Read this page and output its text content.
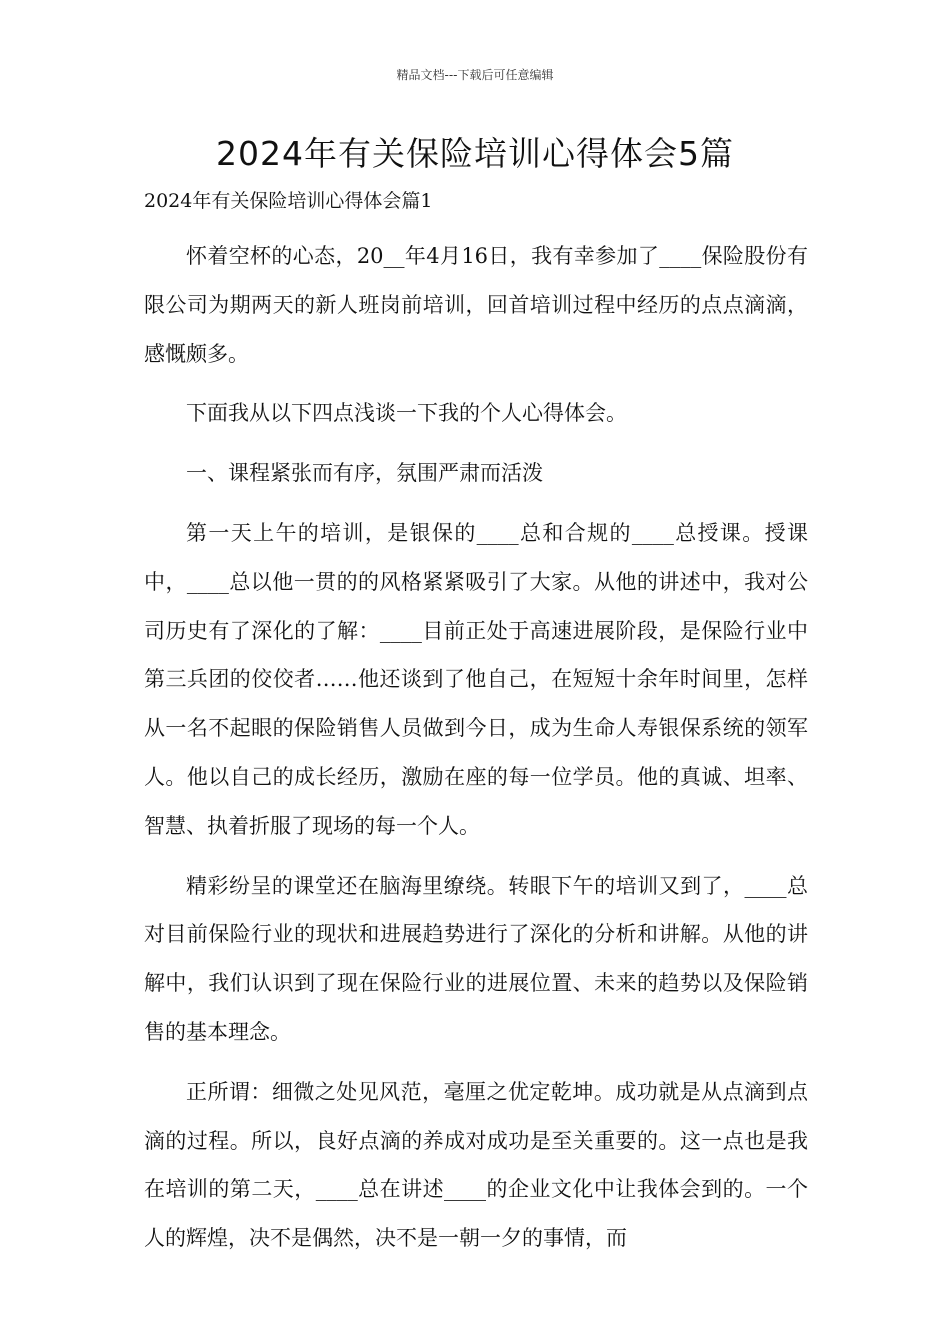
精品文档---下载后可任意编辑
2024年有关保险培训心得体会5篇
2024年有关保险培训心得体会篇1

怀着空杯的心态，20__年4月16日，我有幸参加了____保险股份有限公司为期两天的新人班岗前培训，回首培训过程中经历的点点滴滴，感慨颇多。

下面我从以下四点浅谈一下我的个人心得体会。

一、课程紧张而有序，氛围严肃而活泼

第一天上午的培训，是银保的____总和合规的____总授课。授课中，____总以他一贯的的风格紧紧吸引了大家。从他的讲述中，我对公司历史有了深化的了解：____目前正处于高速进展阶段，是保险行业中第三兵团的佼佼者……他还谈到了他自己，在短短十余年时间里，怎样从一名不起眼的保险销售人员做到今日，成为生命人寿银保系统的领军人。他以自己的成长经历，激励在座的每一位学员。他的真诚、坦率、智慧、执着折服了现场的每一个人。

精彩纷呈的课堂还在脑海里缭绕。转眼下午的培训又到了，____总对目前保险行业的现状和进展趋势进行了深化的分析和讲解。从他的讲解中，我们认识到了现在保险行业的进展位置、未来的趋势以及保险销售的基本理念。

正所谓：细微之处见风范，毫厘之优定乾坤。成功就是从点滴到点滴的过程。所以，良好点滴的养成对成功是至关重要的。这一点也是我在培训的第二天，____总在讲述____的企业文化中让我体会到的。一个人的辉煌，决不是偶然，决不是一朝一夕的事情，而
